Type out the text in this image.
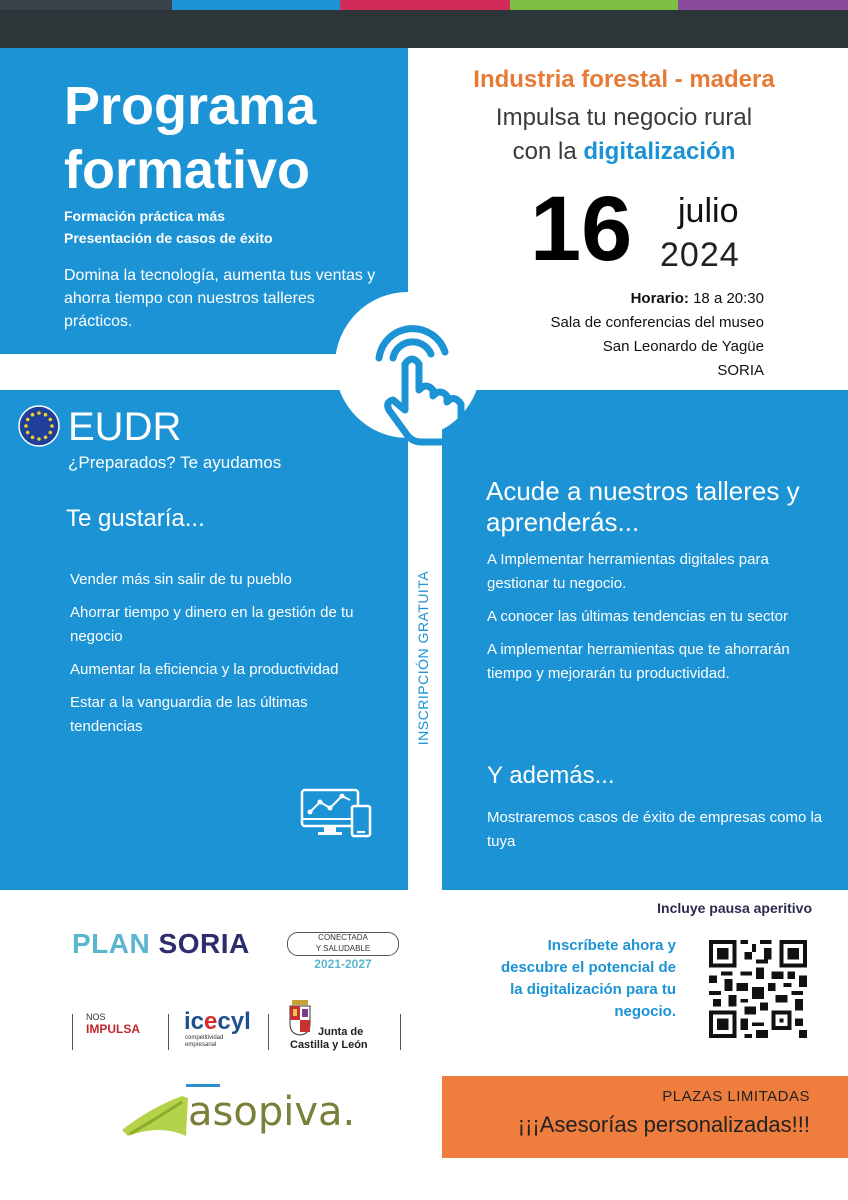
Programa formativo
Formación práctica más
Presentación de casos de éxito
Domina la tecnología, aumenta tus ventas y ahorra tiempo con nuestros talleres prácticos.
Industria forestal - madera
Impulsa tu negocio rural
con la digitalización
16 julio
2024
Horario: 18 a 20:30
Sala de conferencias del museo
San Leonardo de Yagüe
SORIA
EUDR
¿Preparados? Te ayudamos
Te gustaría...
Vender más sin salir de tu pueblo
Ahorrar tiempo y dinero en la gestión de tu negocio
Aumentar la eficiencia y la productividad
Estar a la vanguardia de las últimas tendencias	INSCRIPCIÓN GRATUITA
Acude a nuestros talleres y aprenderás...
A Implementar herramientas digitales para gestionar tu negocio.
A conocer las últimas tendencias en tu sector
A implementar herramientas que te ahorrarán tiempo y mejorarán tu productividad.
Y además...
Mostraremos casos de éxito de empresas como la tuya
Incluye pausa aperitivo
Inscríbete ahora y descubre el potencial de la digitalización para tu negocio.
PLAN SORIA	CONECTADA
Y SALUDABLE
2021-2027
NOS
IMPULSA icecyl
competitividad
empresarial
Junta de
Castilla y León
asopiva.	PLAZAS LIMITADAS
¡¡¡Asesorías personalizadas!!!
